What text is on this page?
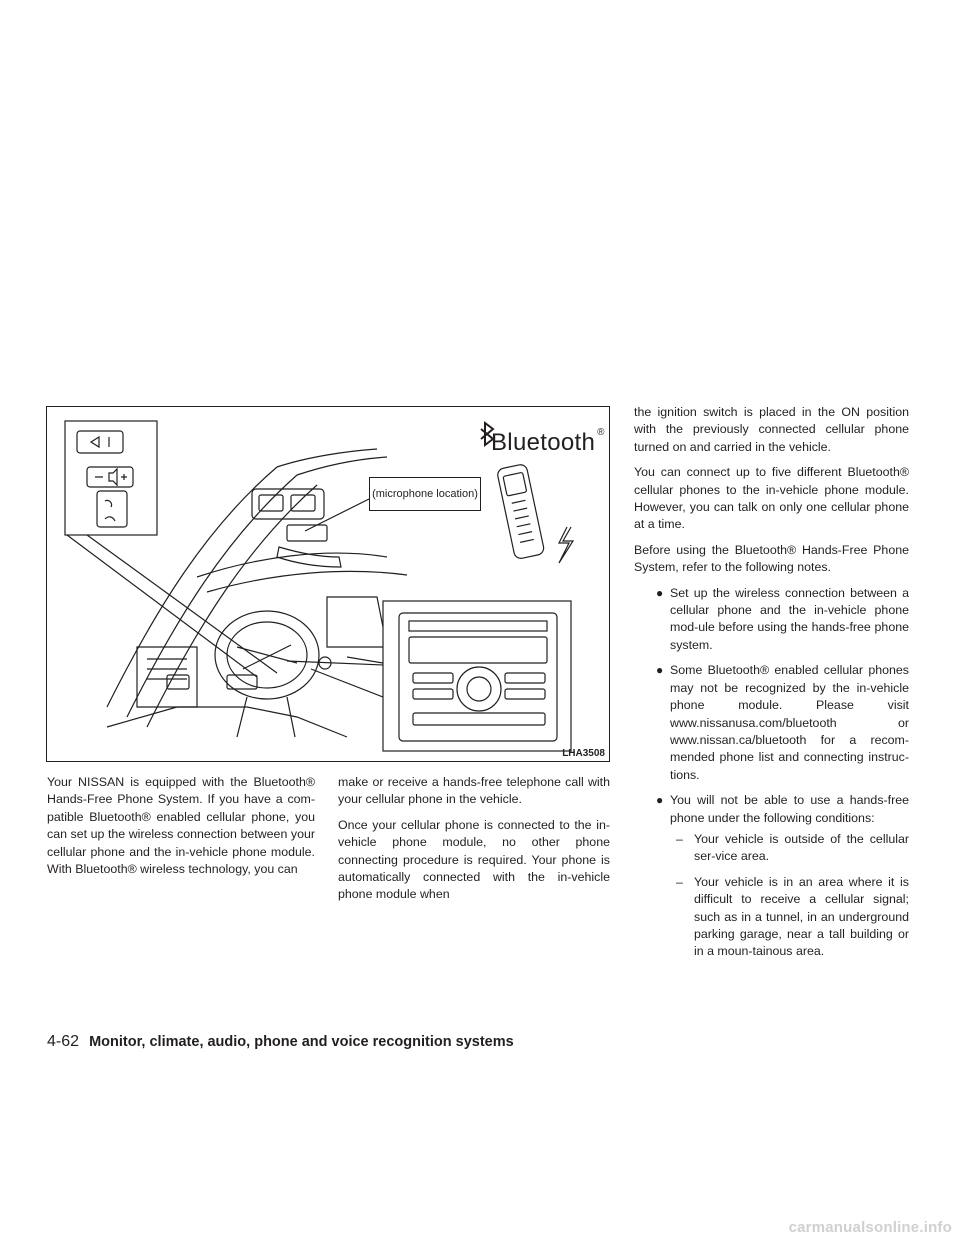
Bluetooth ®
(microphone location)
LHA3508

Your NISSAN is equipped with the Bluetooth® Hands-Free Phone System. If you have a com-patible Bluetooth® enabled cellular phone, you can set up the wireless connection between your cellular phone and the in-vehicle phone module. With Bluetooth® wireless technology, you can

make or receive a hands-free telephone call with your cellular phone in the vehicle.

Once your cellular phone is connected to the in-vehicle phone module, no other phone connecting procedure is required. Your phone is automatically connected with the in-vehicle phone module when

the ignition switch is placed in the ON position with the previously connected cellular phone turned on and carried in the vehicle.

You can connect up to five different Bluetooth® cellular phones to the in-vehicle phone module. However, you can talk on only one cellular phone at a time.

Before using the Bluetooth® Hands-Free Phone System, refer to the following notes.

● Set up the wireless connection between a cellular phone and the in-vehicle phone mod-ule before using the hands-free phone system.
● Some Bluetooth® enabled cellular phones may not be recognized by the in-vehicle phone module. Please visit www.nissanusa.com/bluetooth or www.nissan.ca/bluetooth for a recom-mended phone list and connecting instruc-tions.
● You will not be able to use a hands-free phone under the following conditions:
– Your vehicle is outside of the cellular ser-vice area.
– Your vehicle is in an area where it is difficult to receive a cellular signal; such as in a tunnel, in an underground parking garage, near a tall building or in a moun-tainous area.
4-62 Monitor, climate, audio, phone and voice recognition systems
carmanualsonline.info
